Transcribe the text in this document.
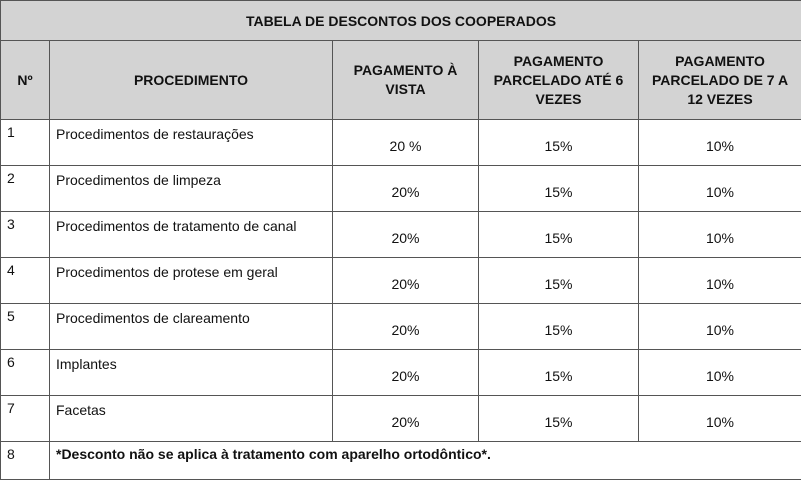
TABELA DE DESCONTOS DOS COOPERADOS				
Nº	PROCEDIMENTO	PAGAMENTO À VISTA	PAGAMENTO PARCELADO ATÉ 6 VEZES	PAGAMENTO PARCELADO DE 7 A 12 VEZES

1	Procedimentos de restaurações	20 %	15%	10%
2	Procedimentos de limpeza	20%	15%	10%
3	Procedimentos de tratamento de canal	20%	15%	10%
4	Procedimentos de protese em geral	20%	15%	10%
5	Procedimentos de clareamento	20%	15%	10%
6	Implantes	20%	15%	10%
7	Facetas	20%	15%	10%
8	*Desconto não se aplica à tratamento com aparelho ortodôntico*.			
